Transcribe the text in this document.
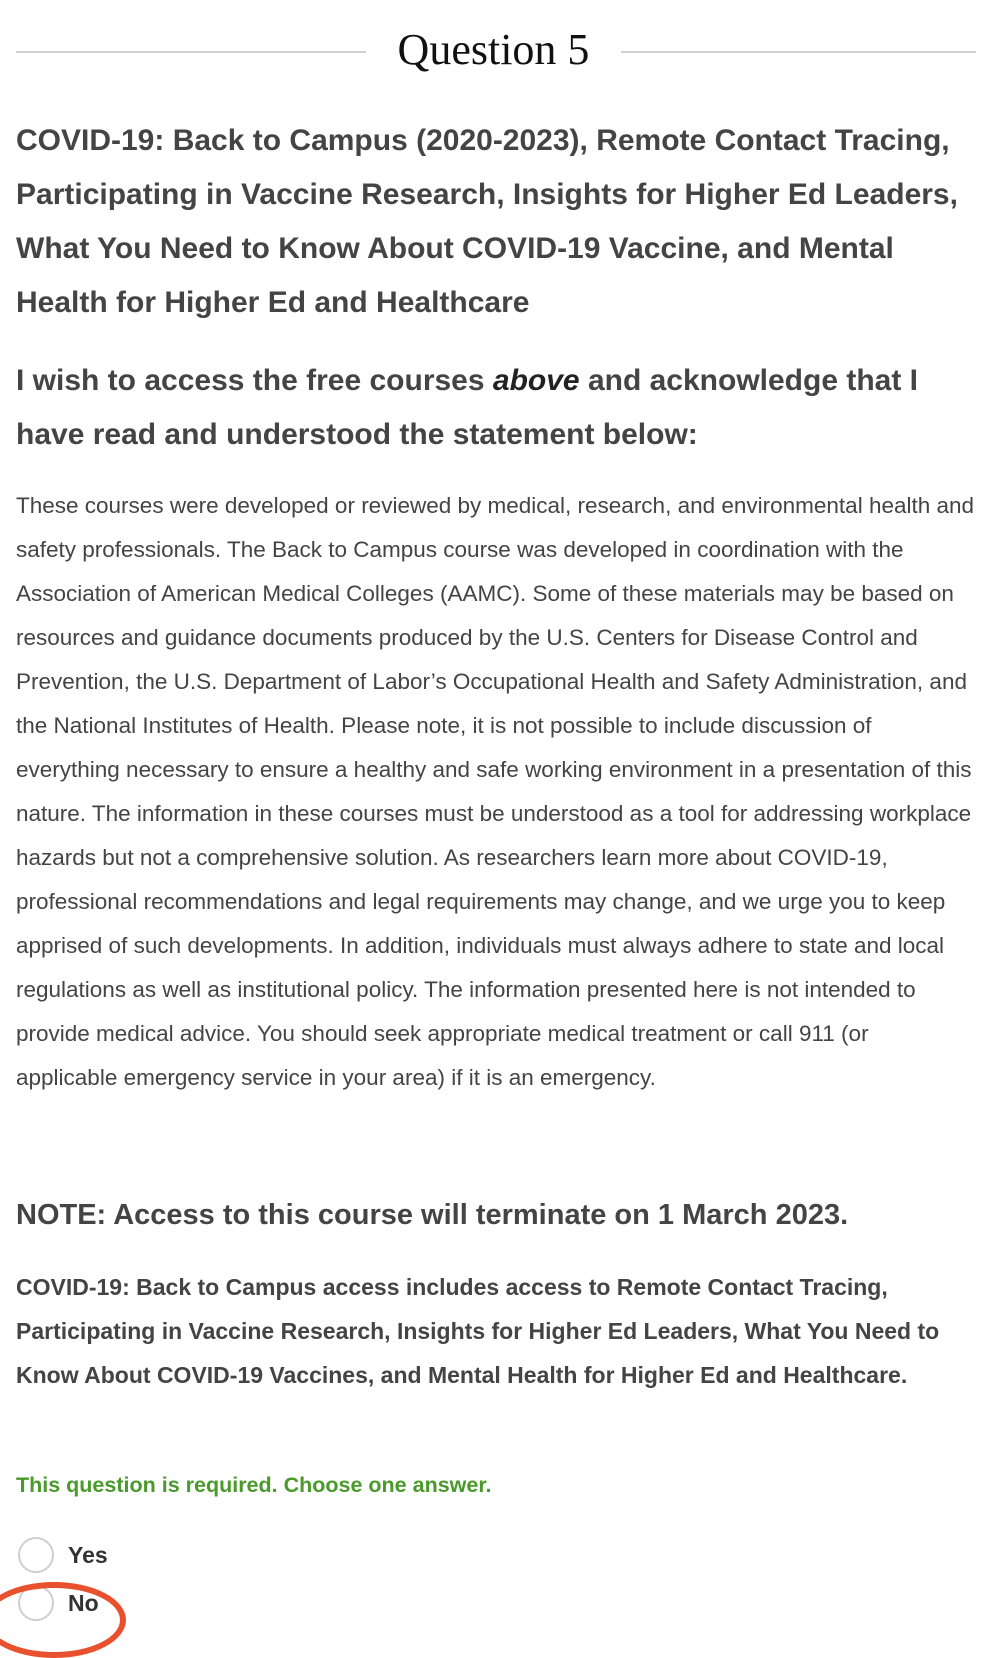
Question 5
COVID-19: Back to Campus (2020-2023), Remote Contact Tracing, Participating in Vaccine Research, Insights for Higher Ed Leaders, What You Need to Know About COVID-19 Vaccine, and Mental Health for Higher Ed and Healthcare
I wish to access the free courses above and acknowledge that I have read and understood the statement below:

These courses were developed or reviewed by medical, research, and environmental health and safety professionals. The Back to Campus course was developed in coordination with the Association of American Medical Colleges (AAMC). Some of these materials may be based on resources and guidance documents produced by the U.S. Centers for Disease Control and Prevention, the U.S. Department of Labor’s Occupational Health and Safety Administration, and the National Institutes of Health. Please note, it is not possible to include discussion of everything necessary to ensure a healthy and safe working environment in a presentation of this nature. The information in these courses must be understood as a tool for addressing workplace hazards but not a comprehensive solution. As researchers learn more about COVID-19, professional recommendations and legal requirements may change, and we urge you to keep apprised of such developments. In addition, individuals must always adhere to state and local regulations as well as institutional policy. The information presented here is not intended to provide medical advice. You should seek appropriate medical treatment or call 911 (or applicable emergency service in your area) if it is an emergency.

NOTE: Access to this course will terminate on 1 March 2023.

COVID-19: Back to Campus access includes access to Remote Contact Tracing, Participating in Vaccine Research, Insights for Higher Ed Leaders, What You Need to Know About COVID-19 Vaccines, and Mental Health for Higher Ed and Healthcare.

This question is required. Choose one answer.

Yes
No
